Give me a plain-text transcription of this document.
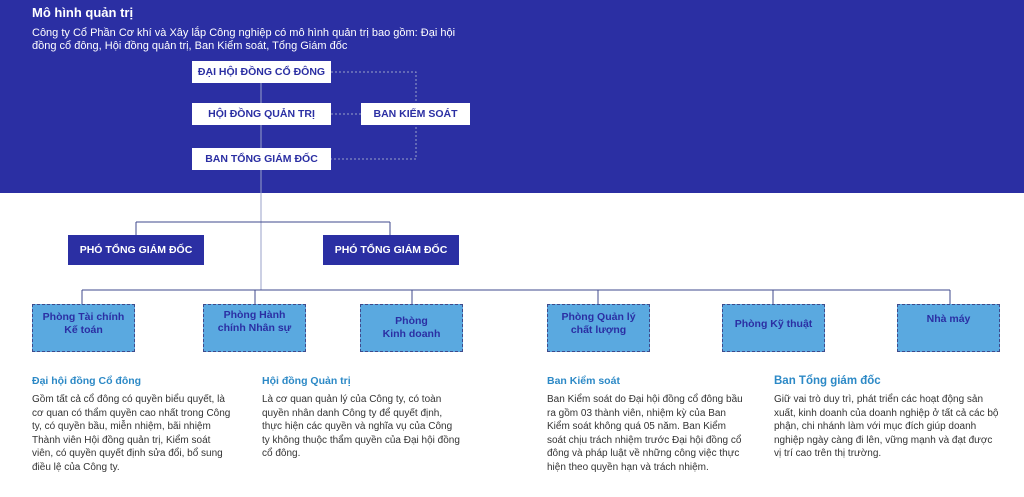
Mô hình quản trị

Công ty Cổ Phần Cơ khí và Xây lắp Công nghiệp có mô hình quản trị bao gồm: Đại hội đồng cổ đông, Hội đồng quản trị, Ban Kiểm soát, Tổng Giám đốc

ĐẠI HỘI ĐỒNG CỔ ĐÔNG
HỘI ĐỒNG QUẢN TRỊ	BAN KIỂM SOÁT
BAN TỔNG GIÁM ĐỐC
PHÓ TỔNG GIÁM ĐỐC	PHÓ TỔNG GIÁM ĐỐC
Phòng Tài chính
Kế toán
Phòng Hành
chính Nhân sự
Phòng
Kinh doanh
Phòng Quản lý
chất lượng	Phòng Kỹ thuật	Nhà máy
Đại hội đồng Cổ đông

Gồm tất cả cổ đông có quyền biểu quyết, là cơ quan có thẩm quyền cao nhất trong Công ty, có quyền bầu, miễn nhiệm, bãi nhiệm Thành viên Hội đồng quản trị, Kiểm soát viên, có quyền quyết định sửa đổi, bổ sung điều lệ của Công ty.

Hội đồng Quản trị

Là cơ quan quản lý của Công ty, có toàn quyền nhân danh Công ty để quyết định, thực hiện các quyền và nghĩa vụ của Công ty không thuộc thẩm quyền của Đại hội đồng cổ đông.

Ban Kiểm soát

Ban Kiểm soát do Đại hội đồng cổ đông bầu ra gồm 03 thành viên, nhiệm kỳ của Ban Kiểm soát không quá 05 năm. Ban Kiểm soát chịu trách nhiệm trước Đại hội đồng cổ đông và pháp luật về những công việc thực hiện theo quyền hạn và trách nhiệm.

Ban Tổng giám đốc

Giữ vai trò duy trì, phát triển các hoạt động sản xuất, kinh doanh của doanh nghiệp ở tất cả các bộ phận, chi nhánh làm với mục đích giúp doanh nghiệp ngày càng đi lên, vững mạnh và đạt được vị trí cao trên thị trường.
